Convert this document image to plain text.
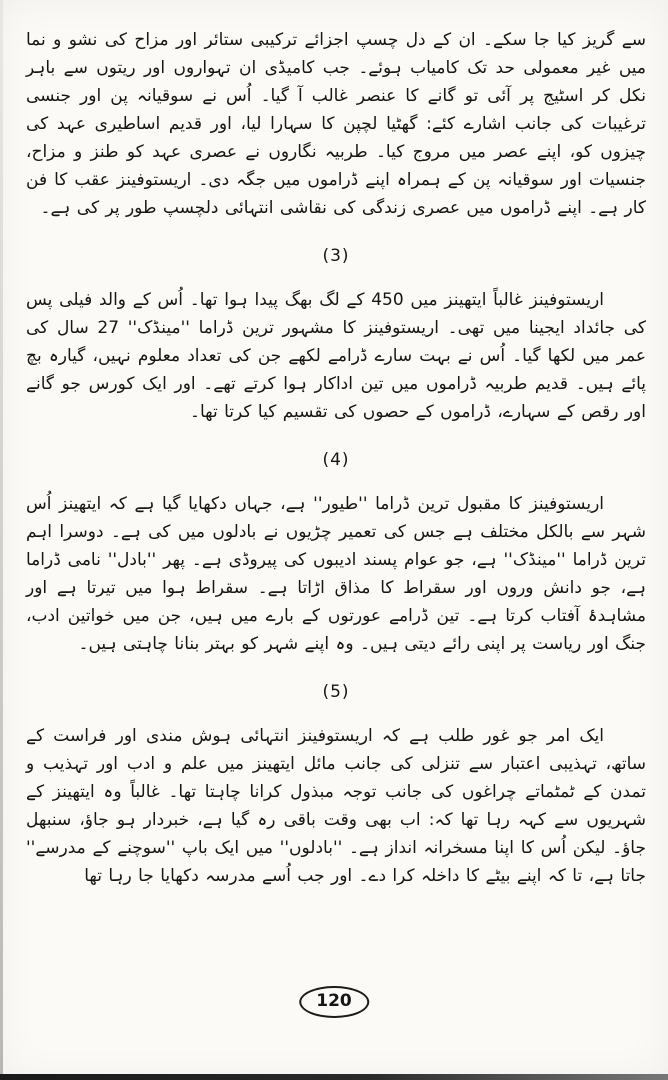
سے گریز کیا جا سکے۔ ان کے دل چسپ اجزائے ترکیبی ستائر اور مزاح کی نشو و نما میں غیر معمولی حد تک کامیاب ہوئے۔ جب کامیڈی ان تہواروں اور ریتوں سے باہر نکل کر اسٹیج پر آئی تو گانے کا عنصر غالب آ گیا۔ اُس نے سوقیانہ پن اور جنسی ترغیبات کی جانب اشارے کئے: گھٹیا لچپن کا سہارا لیا، اور قدیم اساطیری عہد کی چیزوں کو، اپنے عصر میں مروج کیا۔ طربیہ نگاروں نے عصری عہد کو طنز و مزاح، جنسیات اور سوقیانہ پن کے ہمراہ اپنے ڈراموں میں جگہ دی۔ اریستوفینز عقب کا فن کار ہے۔ اپنے ڈراموں میں عصری زندگی کی نقاشی انتہائی دلچسپ طور پر کی ہے۔
(3)
اریستوفینز غالباً ایتھینز میں 450 کے لگ بھگ پیدا ہوا تھا۔ اُس کے والد فیلی پس کی جائداد ایجینا میں تھی۔ اریستوفینز کا مشہور ترین ڈراما ''مینڈک'' 27 سال کی عمر میں لکھا گیا۔ اُس نے بہت سارے ڈرامے لکھے جن کی تعداد معلوم نہیں، گیارہ بچ پائے ہیں۔ قدیم طربیہ ڈراموں میں تین اداکار ہوا کرتے تھے۔ اور ایک کورس جو گانے اور رقص کے سہارے، ڈراموں کے حصوں کی تقسیم کیا کرتا تھا۔
(4)
اریستوفینز کا مقبول ترین ڈراما ''طیور'' ہے، جہاں دکھایا گیا ہے کہ ایتھینز اُس شہر سے بالکل مختلف ہے جس کی تعمیر چڑیوں نے بادلوں میں کی ہے۔ دوسرا اہم ترین ڈراما ''مینڈک'' ہے، جو عوام پسند ادیبوں کی پیروڈی ہے۔ پھر ''بادل'' نامی ڈراما ہے، جو دانش وروں اور سقراط کا مذاق اڑاتا ہے۔ سقراط ہوا میں تیرتا ہے اور مشاہدۂ آفتاب کرتا ہے۔ تین ڈرامے عورتوں کے بارے میں ہیں، جن میں خواتین ادب، جنگ اور ریاست پر اپنی رائے دیتی ہیں۔ وہ اپنے شہر کو بہتر بنانا چاہتی ہیں۔
(5)
ایک امر جو غور طلب ہے کہ اریستوفینز انتہائی ہوش مندی اور فراست کے ساتھ، تہذیبی اعتبار سے تنزلی کی جانب مائل ایتھینز میں علم و ادب اور تہذیب و تمدن کے ٹمٹماتے چراغوں کی جانب توجہ مبذول کرانا چاہتا تھا۔ غالباً وہ ایتھینز کے شہریوں سے کہہ رہا تھا کہ: اب بھی وقت باقی رہ گیا ہے، خبردار ہو جاؤ، سنبھل جاؤ۔ لیکن اُس کا اپنا مسخرانہ انداز ہے۔ ''بادلوں'' میں ایک باپ ''سوچنے کے مدرسے'' جاتا ہے، تا کہ اپنے بیٹے کا داخلہ کرا دے۔ اور جب اُسے مدرسہ دکھایا جا رہا تھا
120
